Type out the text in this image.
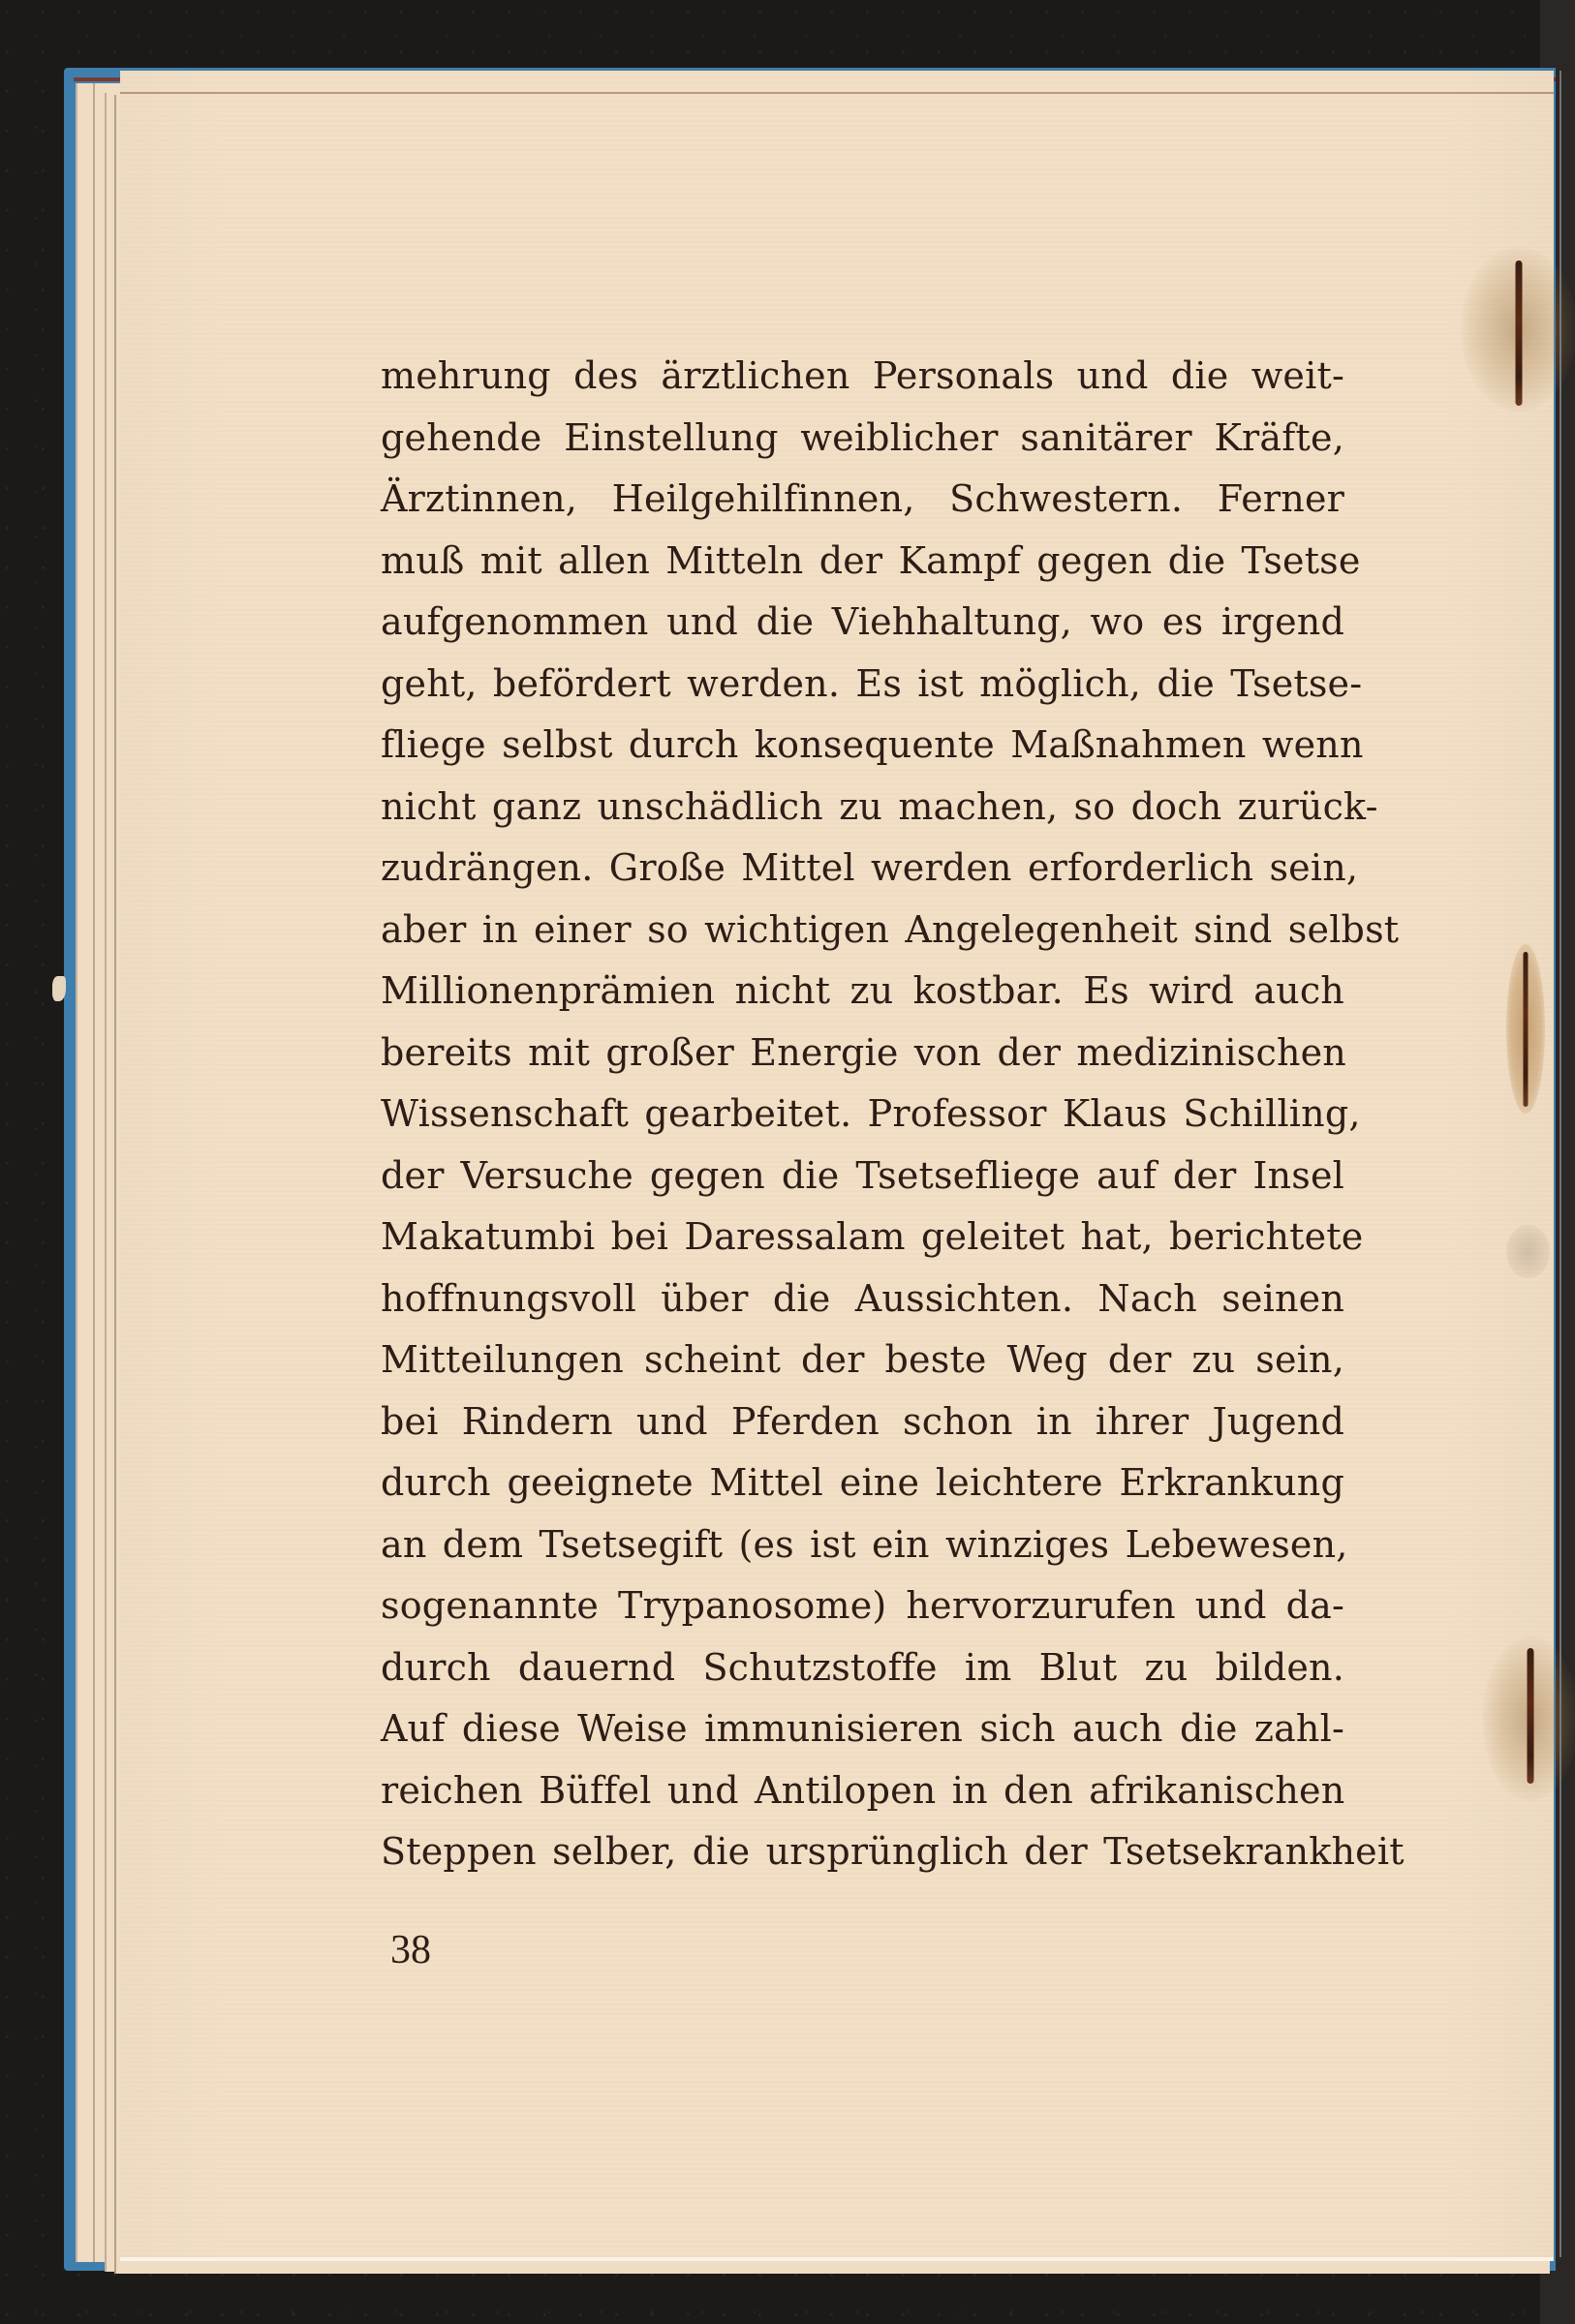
mehrung des ärztlichen Personals und die weit-
gehende Einstellung weiblicher sanitärer Kräfte,
Ärztinnen, Heilgehilfinnen, Schwestern. Ferner
muß mit allen Mitteln der Kampf gegen die Tsetse
aufgenommen und die Viehhaltung, wo es irgend
geht, befördert werden. Es ist möglich, die Tsetse-
fliege selbst durch konsequente Maßnahmen wenn
nicht ganz unschädlich zu machen, so doch zurück-
zudrängen. Große Mittel werden erforderlich sein,
aber in einer so wichtigen Angelegenheit sind selbst
Millionenprämien nicht zu kostbar. Es wird auch
bereits mit großer Energie von der medizinischen
Wissenschaft gearbeitet. Professor Klaus Schilling,
der Versuche gegen die Tsetsefliege auf der Insel
Makatumbi bei Daressalam geleitet hat, berichtete
hoffnungsvoll über die Aussichten. Nach seinen
Mitteilungen scheint der beste Weg der zu sein,
bei Rindern und Pferden schon in ihrer Jugend
durch geeignete Mittel eine leichtere Erkrankung
an dem Tsetsegift (es ist ein winziges Lebewesen,
sogenannte Trypanosome) hervorzurufen und da-
durch dauernd Schutzstoffe im Blut zu bilden.
Auf diese Weise immunisieren sich auch die zahl-
reichen Büffel und Antilopen in den afrikanischen
Steppen selber, die ursprünglich der Tsetsekrankheit
38
